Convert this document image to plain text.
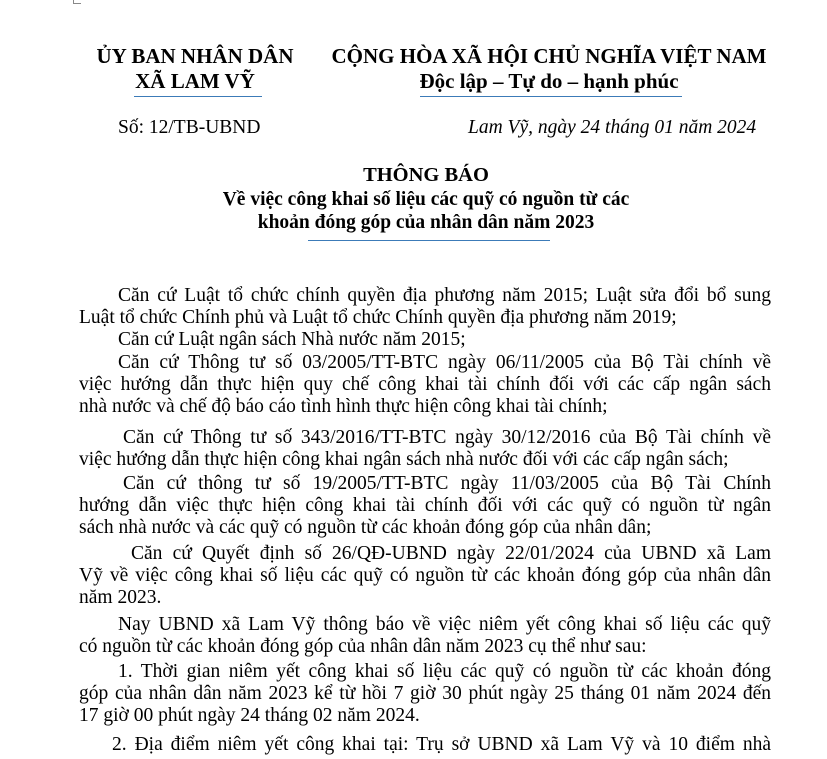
ỦY BAN NHÂN DÂN
XÃ LAM VỸ
CỘNG HÒA XÃ HỘI CHỦ NGHĨA VIỆT NAM
Độc lập – Tự do – hạnh phúc
Số: 12/TB-UBND	Lam Vỹ, ngày 24 tháng 01 năm 2024
THÔNG BÁO
Về việc công khai số liệu các quỹ có nguồn từ các
khoản đóng góp của nhân dân năm 2023

Căn cứ Luật tổ chức chính quyền địa phương năm 2015; Luật sửa đổi bổ sung

Luật tổ chức Chính phủ và Luật tổ chức Chính quyền địa phương năm 2019;

Căn cứ Luật ngân sách Nhà nước năm 2015;

Căn cứ Thông tư số 03/2005/TT-BTC ngày 06/11/2005 của Bộ Tài chính về

việc hướng dẫn thực hiện quy chế công khai tài chính đối với các cấp ngân sách

nhà nước và chế độ báo cáo tình hình thực hiện công khai tài chính;

Căn cứ Thông tư số 343/2016/TT-BTC ngày 30/12/2016 của Bộ Tài chính về

việc hướng dẫn thực hiện công khai ngân sách nhà nước đối với các cấp ngân sách;

Căn cứ thông tư số 19/2005/TT-BTC ngày 11/03/2005 của Bộ Tài Chính

hướng dẫn việc thực hiện công khai tài chính đối với các quỹ có nguồn từ ngân

sách nhà nước và các quỹ có nguồn từ các khoản đóng góp của nhân dân;

Căn cứ Quyết định số 26/QĐ-UBND ngày 22/01/2024 của UBND xã Lam

Vỹ về việc công khai số liệu các quỹ có nguồn từ các khoản đóng góp của nhân dân

năm 2023.

Nay UBND xã Lam Vỹ thông báo về việc niêm yết công khai số liệu các quỹ

có nguồn từ các khoản đóng góp của nhân dân năm 2023 cụ thể như sau:

1. Thời gian niêm yết công khai số liệu các quỹ có nguồn từ các khoản đóng

góp của nhân dân năm 2023 kể từ hồi 7 giờ 30 phút ngày 25 tháng 01 năm 2024 đến

17 giờ 00 phút ngày 24 tháng 02 năm 2024.

2. Địa điểm niêm yết công khai tại: Trụ sở UBND xã Lam Vỹ và 10 điểm nhà
